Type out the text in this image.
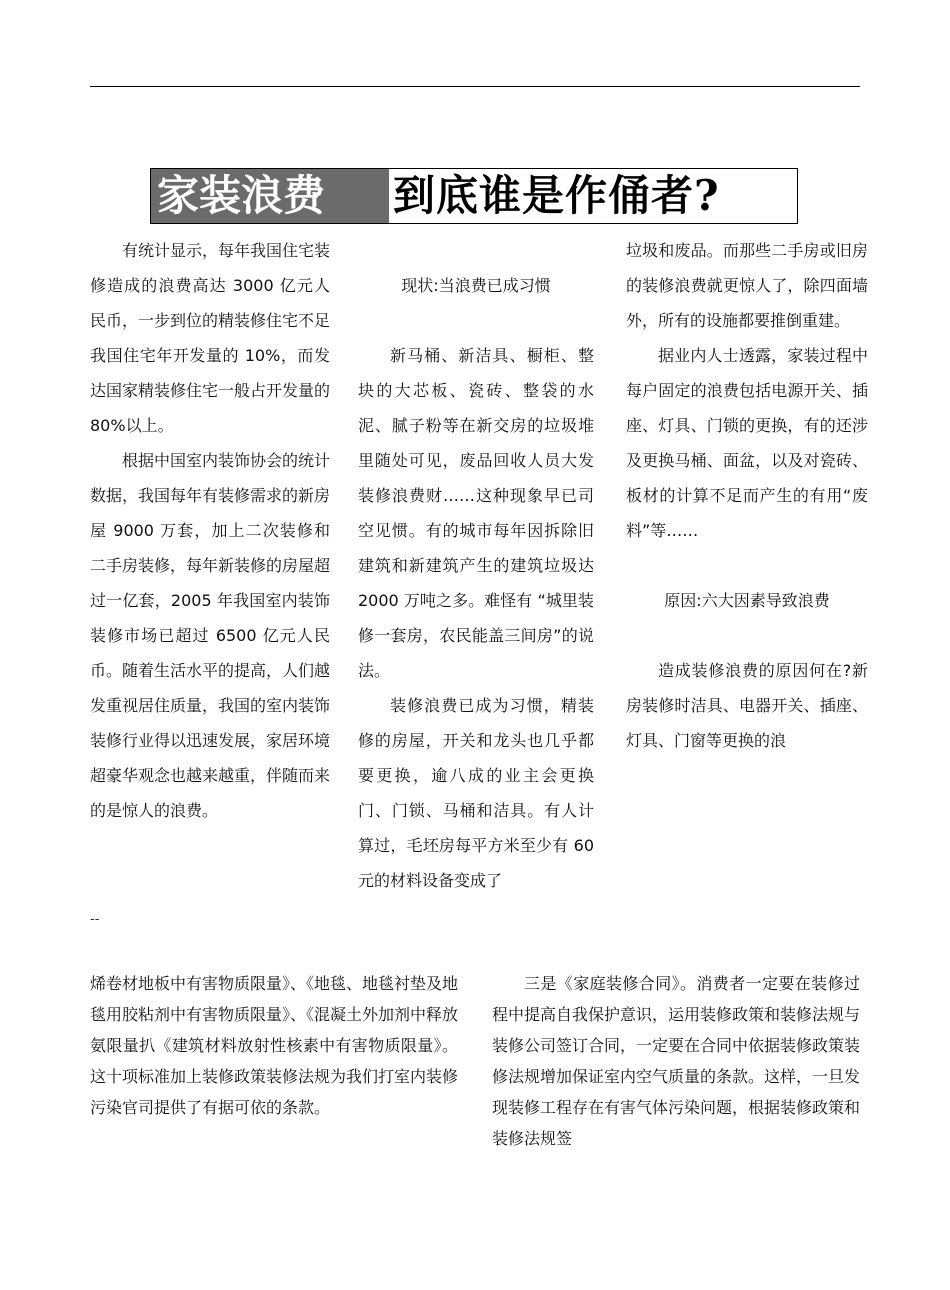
家装浪费	到底谁是作俑者?

有统计显示，每年我国住宅装修造成的浪费高达 3000 亿元人民币，一步到位的精装修住宅不足我国住宅年开发量的 10%，而发达国家精装修住宅一般占开发量的 80%以上。

根据中国室内装饰协会的统计数据，我国每年有装修需求的新房屋 9000 万套，加上二次装修和二手房装修，每年新装修的房屋超过一亿套，2005 年我国室内装饰装修市场已超过 6500 亿元人民币。随着生活水平的提高，人们越发重视居住质量，我国的室内装饰装修行业得以迅速发展，家居环境超豪华观念也越来越重，伴随而来的是惊人的浪费。

现状:当浪费已成习惯

新马桶、新洁具、橱柜、整块的大芯板、瓷砖、整袋的水泥、腻子粉等在新交房的垃圾堆里随处可见，废品回收人员大发装修浪费财……这种现象早已司空见惯。有的城市每年因拆除旧建筑和新建筑产生的建筑垃圾达 2000 万吨之多。难怪有 “城里装修一套房，农民能盖三间房”的说法。

装修浪费已成为习惯，精装修的房屋，开关和龙头也几乎都要更换，逾八成的业主会更换门、门锁、马桶和洁具。有人计算过，毛坯房每平方米至少有 60 元的材料设备变成了

垃圾和废品。而那些二手房或旧房的装修浪费就更惊人了，除四面墙外，所有的设施都要推倒重建。

据业内人士透露，家装过程中每户固定的浪费包括电源开关、插座、灯具、门锁的更换，有的还涉及更换马桶、面盆，以及对瓷砖、板材的计算不足而产生的有用“废料”等……

原因:六大因素导致浪费

造成装修浪费的原因何在?新房装修时洁具、电器开关、插座、灯具、门窗等更换的浪

--

烯卷材地板中有害物质限量》、《地毯、地毯衬垫及地毯用胶粘剂中有害物质限量》、《混凝土外加剂中释放氨限量扒《建筑材料放射性核素中有害物质限量》。这十项标准加上装修政策装修法规为我们打室内装修污染官司提供了有据可依的条款。

三是《家庭装修合同》。消费者一定要在装修过程中提高自我保护意识，运用装修政策和装修法规与装修公司签订合同，一定要在合同中依据装修政策装修法规增加保证室内空气质量的条款。这样，一旦发现装修工程存在有害气体污染问题，根据装修政策和装修法规签
